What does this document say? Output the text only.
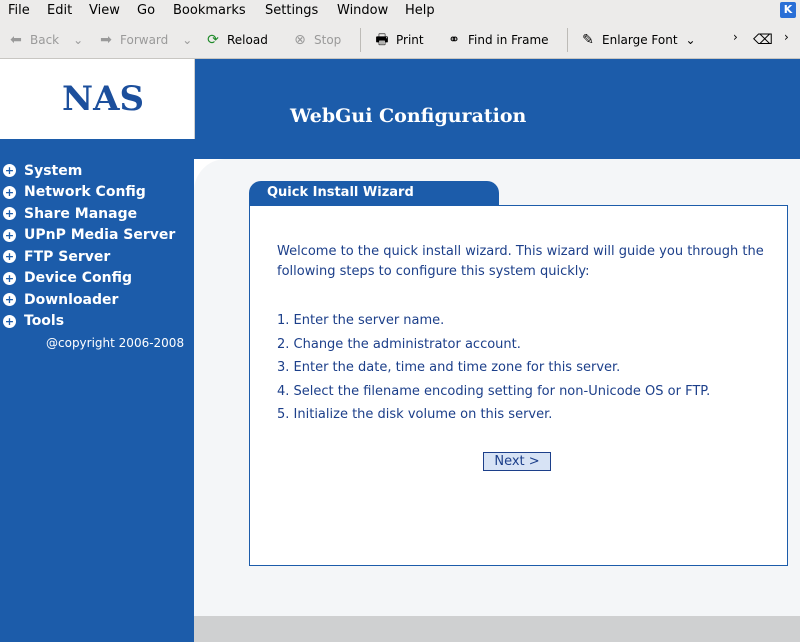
File Edit View Go Bookmarks Settings Window Help	K
⬅ Back ⌄ ➡ Forward ⌄ ⟳ Reload ⊗ Stop 🖶 Print ⚭ Find in Frame ✎ Enlarge Font ⌄	› ⌫ ›
NAS	WebGui Configuration
+ System
+ Network Config
+ Share Manage
+ UPnP Media Server
+ FTP Server
+ Device Config
+ Downloader
+ Tools
@copyright 2006-2008
Quick Install Wizard

Welcome to the quick install wizard. This wizard will guide you through the following steps to configure this system quickly:

1. Enter the server name.
2. Change the administrator account.
3. Enter the date, time and time zone for this server.
4. Select the filename encoding setting for non-Unicode OS or FTP.
5. Initialize the disk volume on this server.
Next >
